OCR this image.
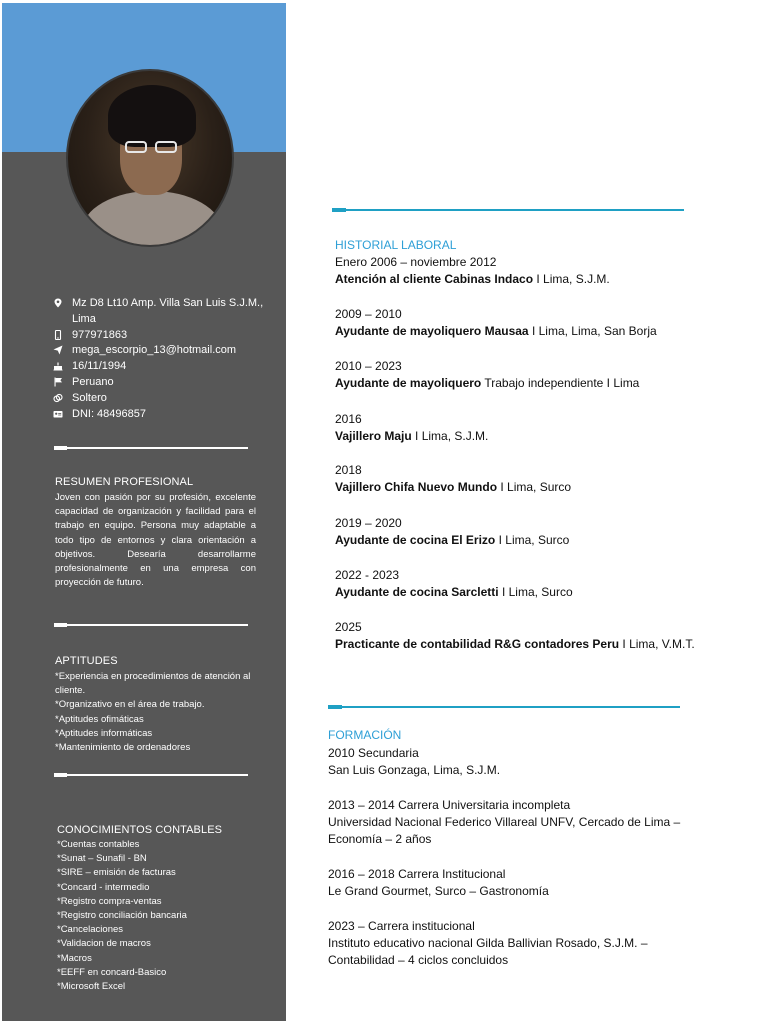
Mz D8 Lt10 Amp. Villa San Luis S.J.M., Lima
977971863
mega_escorpio_13@hotmail.com
16/11/1994
Peruano
Soltero
DNI: 48496857
RESUMEN PROFESIONAL
Joven con pasión por su profesión, excelente capacidad de organización y facilidad para el trabajo en equipo. Persona muy adaptable a todo tipo de entornos y clara orientación a objetivos. Desearía desarrollarme profesionalmente en una empresa con proyección de futuro.
APTITUDES
*Experiencia en procedimientos de atención al cliente.
*Organizativo en el área de trabajo.
*Aptitudes ofimáticas
*Aptitudes informáticas
*Mantenimiento de ordenadores
CONOCIMIENTOS CONTABLES
*Cuentas contables
*Sunat – Sunafil - BN
*SIRE – emisión de facturas
*Concard - intermedio
*Registro compra-ventas
*Registro conciliación bancaria
*Cancelaciones
*Validacion de macros
*Macros
*EEFF en concard-Basico
*Microsoft Excel
HISTORIAL LABORAL
Enero 2006 – noviembre 2012
Atención al cliente Cabinas Indaco I Lima, S.J.M.
2009 – 2010
Ayudante de mayoliquero Mausaa I Lima, Lima, San Borja
2010 – 2023
Ayudante de mayoliquero Trabajo independiente I Lima
2016
Vajillero Maju I Lima, S.J.M.
2018
Vajillero Chifa Nuevo Mundo I Lima, Surco
2019 – 2020
Ayudante de cocina El Erizo I Lima, Surco
2022 - 2023
Ayudante de cocina Sarcletti I Lima, Surco
2025
Practicante de contabilidad R&G contadores Peru I Lima, V.M.T.
FORMACIÓN
2010 Secundaria
San Luis Gonzaga, Lima, S.J.M.
2013 – 2014 Carrera Universitaria incompleta
Universidad Nacional Federico Villareal UNFV, Cercado de Lima – Economía – 2 años
2016 – 2018 Carrera Institucional
Le Grand Gourmet, Surco – Gastronomía
2023 – Carrera institucional
Instituto educativo nacional Gilda Ballivian Rosado, S.J.M. – Contabilidad – 4 ciclos concluidos
